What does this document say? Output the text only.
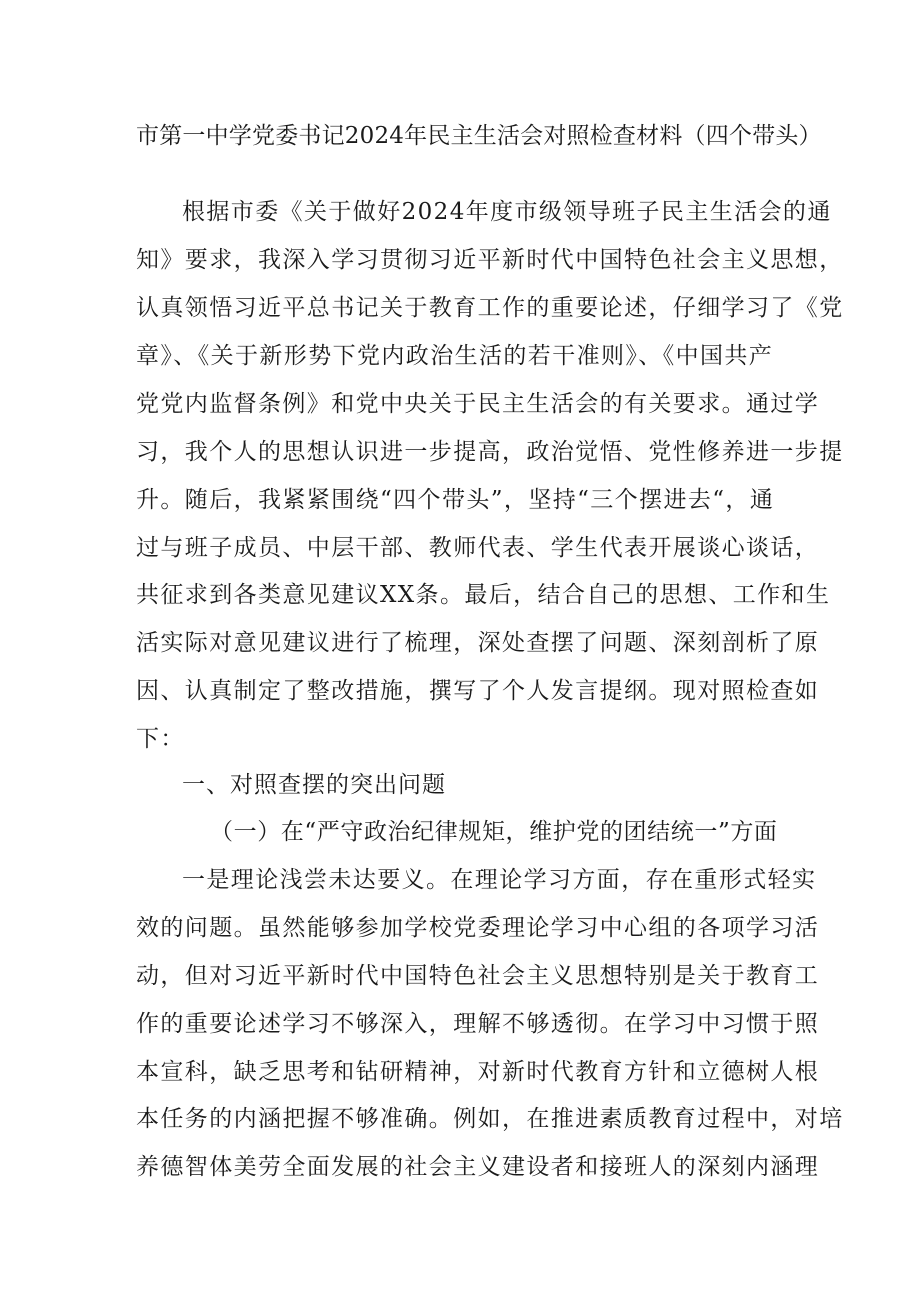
市第一中学党委书记2024年民主生活会对照检查材料（四个带头）
根据市委《关于做好2024年度市级领导班子民主生活会的通
知》要求，我深入学习贯彻习近平新时代中国特色社会主义思想，
认真领悟习近平总书记关于教育工作的重要论述，仔细学习了《党
章》、《关于新形势下党内政治生活的若干准则》、《中国共产
党党内监督条例》和党中央关于民主生活会的有关要求。通过学
习，我个人的思想认识进一步提高，政治觉悟、党性修养进一步提
升。随后，我紧紧围绕“四个带头”，坚持“三个摆进去“，通
过与班子成员、中层干部、教师代表、学生代表开展谈心谈话，
共征求到各类意见建议XX条。最后，结合自己的思想、工作和生
活实际对意见建议进行了梳理，深处查摆了问题、深刻剖析了原
因、认真制定了整改措施，撰写了个人发言提纲。现对照检查如
下：
一、对照查摆的突出问题
（一）在“严守政治纪律规矩，维护党的团结统一”方面
一是理论浅尝未达要义。在理论学习方面，存在重形式轻实
效的问题。虽然能够参加学校党委理论学习中心组的各项学习活
动，但对习近平新时代中国特色社会主义思想特别是关于教育工
作的重要论述学习不够深入，理解不够透彻。在学习中习惯于照
本宣科，缺乏思考和钻研精神，对新时代教育方针和立德树人根
本任务的内涵把握不够准确。例如，在推进素质教育过程中，对培
养德智体美劳全面发展的社会主义建设者和接班人的深刻内涵理
